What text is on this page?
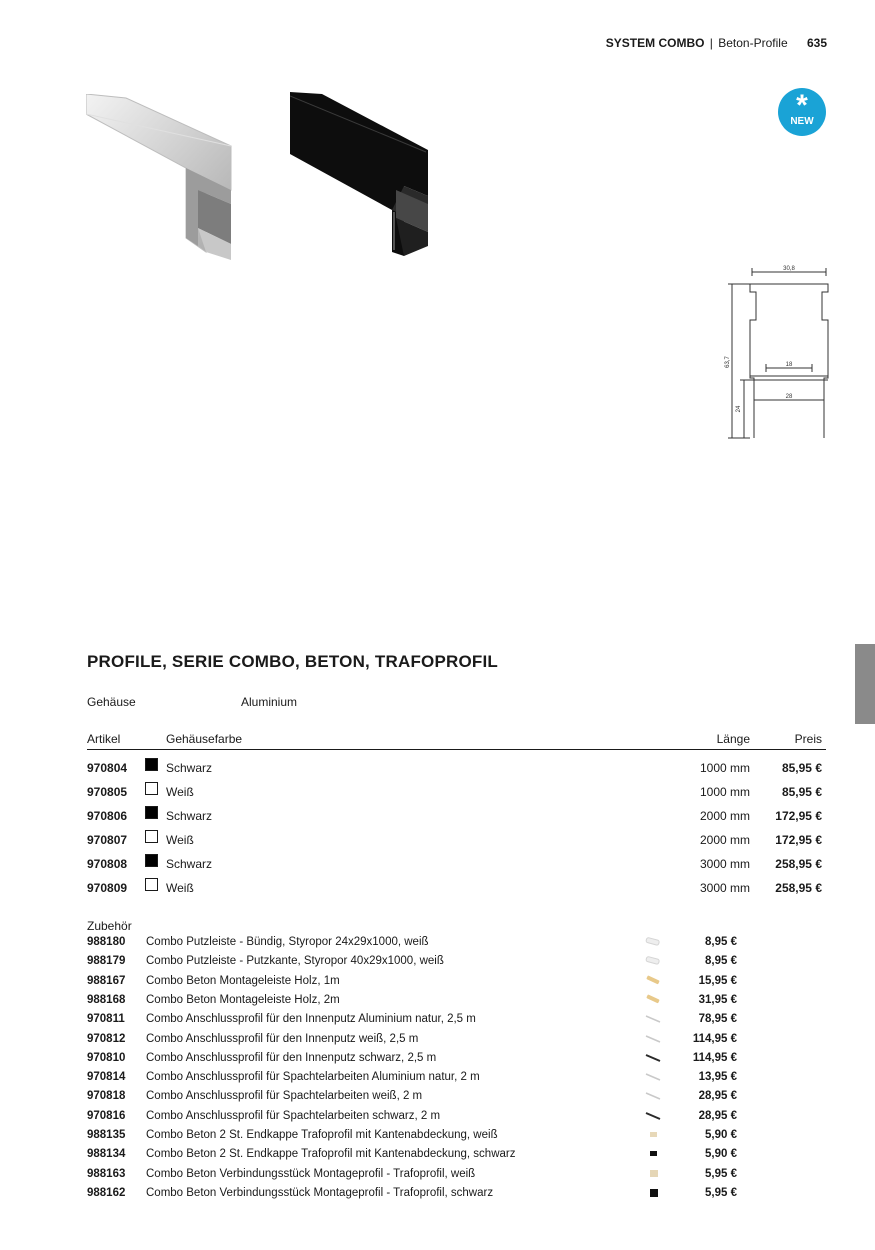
SYSTEM COMBO | Beton-Profile 635
*
NEW
30,8
18
28
63,7
24
PROFILE, SERIE COMBO, BETON, TRAFOPROFIL
Gehäuse	Aluminium
Artikel	Gehäusefarbe	Länge	Preis
970804	Schwarz	1000 mm	85,95 €
970805	Weiß	1000 mm	85,95 €
970806	Schwarz	2000 mm 172,95 €
970807	Weiß	2000 mm 172,95 €
970808	Schwarz	3000 mm 258,95 €
970809	Weiß	3000 mm 258,95 €
Zubehör
988180 Combo Putzleiste - Bündig, Styropor 24x29x1000, weiß	8,95 €
988179 Combo Putzleiste - Putzkante, Styropor 40x29x1000, weiß	8,95 €
988167 Combo Beton Montageleiste Holz, 1m	15,95 €
988168 Combo Beton Montageleiste Holz, 2m	31,95 €
970811 Combo Anschlussprofil für den Innenputz Aluminium natur, 2,5 m	78,95 €
970812 Combo Anschlussprofil für den Innenputz weiß, 2,5 m	114,95 €
970810 Combo Anschlussprofil für den Innenputz schwarz, 2,5 m	114,95 €
970814 Combo Anschlussprofil für Spachtelarbeiten Aluminium natur, 2 m	13,95 €
970818 Combo Anschlussprofil für Spachtelarbeiten weiß, 2 m	28,95 €
970816 Combo Anschlussprofil für Spachtelarbeiten schwarz, 2 m	28,95 €
988135 Combo Beton 2 St. Endkappe Trafoprofil mit Kantenabdeckung, weiß	5,90 €
988134 Combo Beton 2 St. Endkappe Trafoprofil mit Kantenabdeckung, schwarz	5,90 €
988163 Combo Beton Verbindungsstück Montageprofil - Trafoprofil, weiß	5,95 €
988162 Combo Beton Verbindungsstück Montageprofil - Trafoprofil, schwarz	5,95 €
